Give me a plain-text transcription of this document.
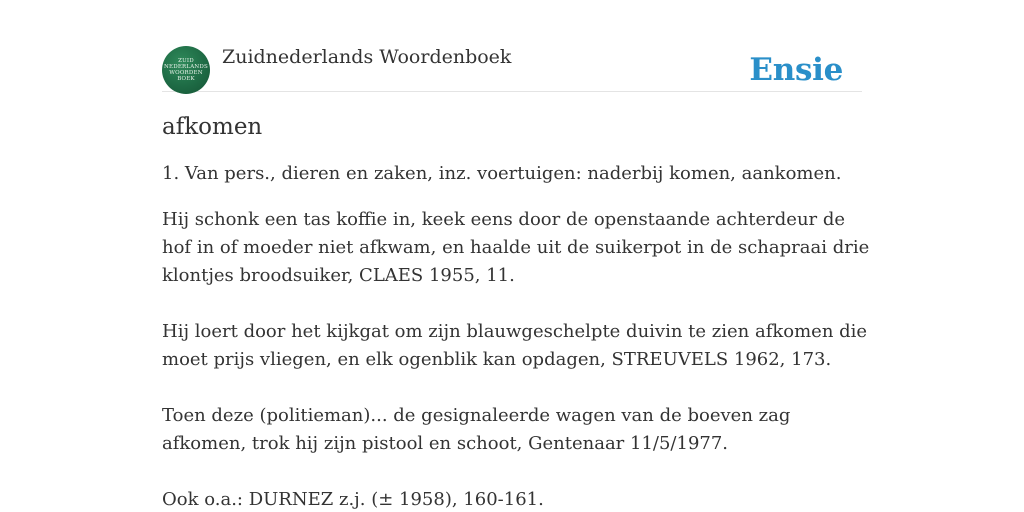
ZUID
NEDERLANDS
WOORDEN
BOEK
Zuidnederlands Woordenboek	Ensie
afkomen

1. Van pers., dieren en zaken, inz. voertuigen: naderbij komen, aankomen.

Hij schonk een tas koffie in, keek eens door de openstaande achterdeur de hof in of moeder niet afkwam, en haalde uit de suikerpot in de schapraai drie klontjes broodsuiker, CLAES 1955, 11.

Hij loert door het kijkgat om zijn blauwgeschelpte duivin te zien afkomen die moet prijs vliegen, en elk ogenblik kan opdagen, STREUVELS 1962, 173.

Toen deze (politieman)... de gesignaleerde wagen van de boeven zag afkomen, trok hij zijn pistool en schoot, Gentenaar 11/5/1977.

Ook o.a.: DURNEZ z.j. (± 1958), 160-161.
